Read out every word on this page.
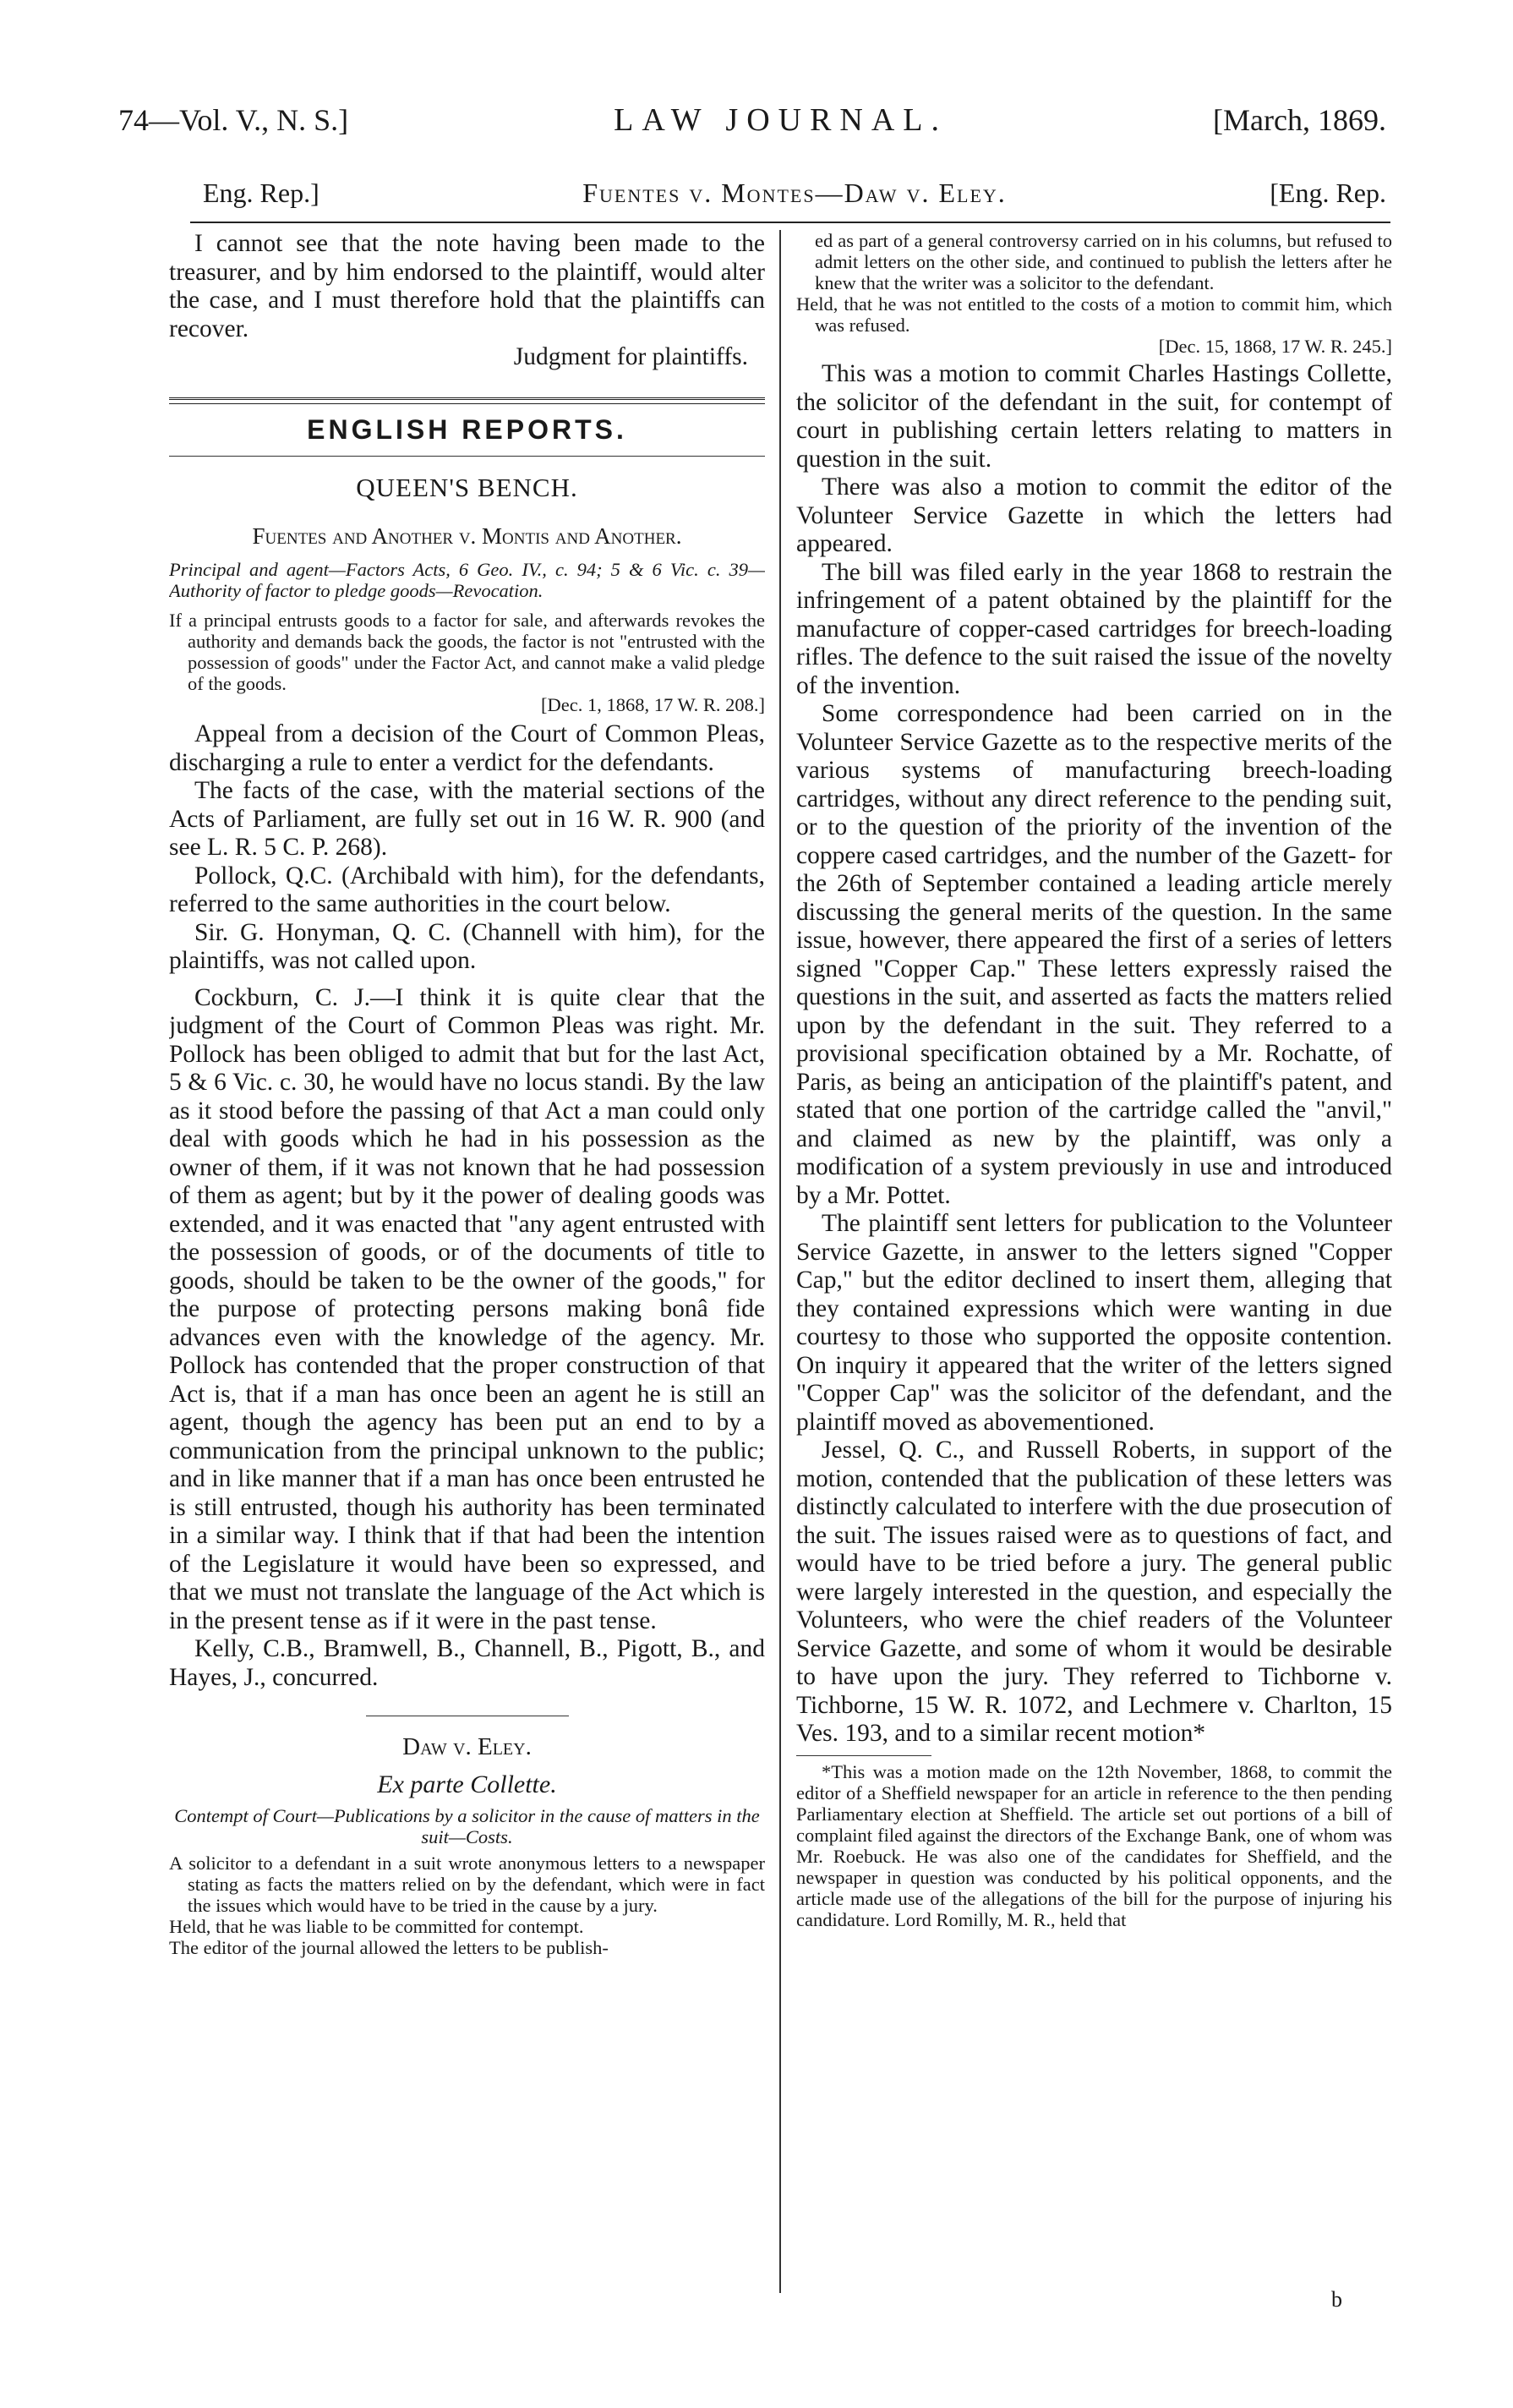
74—Vol. V., N. S.]	LAW JOURNAL.	[March, 1869.
Eng. Rep.]	Fuentes v. Montes—Daw v. Eley.	[Eng. Rep.

I cannot see that the note having been made to the treasurer, and by him endorsed to the plaintiff, would alter the case, and I must therefore hold that the plaintiffs can recover.

Judgment for plaintiffs.

ENGLISH REPORTS.
QUEEN'S BENCH.
Fuentes and Another v. Montis and Another.

Principal and agent—Factors Acts, 6 Geo. IV., c. 94; 5 & 6 Vic. c. 39—Authority of factor to pledge goods—Revocation.

If a principal entrusts goods to a factor for sale, and afterwards revokes the authority and demands back the goods, the factor is not "entrusted with the possession of goods" under the Factor Act, and cannot make a valid pledge of the goods.

[Dec. 1, 1868, 17 W. R. 208.]

Appeal from a decision of the Court of Common Pleas, discharging a rule to enter a verdict for the defendants.

The facts of the case, with the material sections of the Acts of Parliament, are fully set out in 16 W. R. 900 (and see L. R. 5 C. P. 268).

Pollock, Q.C. (Archibald with him), for the defendants, referred to the same authorities in the court below.

Sir. G. Honyman, Q. C. (Channell with him), for the plaintiffs, was not called upon.

Cockburn, C. J.—I think it is quite clear that the judgment of the Court of Common Pleas was right. Mr. Pollock has been obliged to admit that but for the last Act, 5 & 6 Vic. c. 30, he would have no locus standi. By the law as it stood before the passing of that Act a man could only deal with goods which he had in his possession as the owner of them, if it was not known that he had possession of them as agent; but by it the power of dealing goods was extended, and it was enacted that "any agent entrusted with the possession of goods, or of the documents of title to goods, should be taken to be the owner of the goods," for the purpose of protecting persons making bonâ fide advances even with the knowledge of the agency. Mr. Pollock has contended that the proper construction of that Act is, that if a man has once been an agent he is still an agent, though the agency has been put an end to by a communication from the principal unknown to the public; and in like manner that if a man has once been entrusted he is still entrusted, though his authority has been terminated in a similar way. I think that if that had been the intention of the Legislature it would have been so expressed, and that we must not translate the language of the Act which is in the present tense as if it were in the past tense.

Kelly, C.B., Bramwell, B., Channell, B., Pigott, B., and Hayes, J., concurred.

Daw v. Eley.
Ex parte Collette.

Contempt of Court—Publications by a solicitor in the cause of matters in the suit—Costs.

A solicitor to a defendant in a suit wrote anonymous letters to a newspaper stating as facts the matters relied on by the defendant, which were in fact the issues which would have to be tried in the cause by a jury.

Held, that he was liable to be committed for contempt.

The editor of the journal allowed the letters to be publish-

ed as part of a general controversy carried on in his columns, but refused to admit letters on the other side, and continued to publish the letters after he knew that the writer was a solicitor to the defendant.

Held, that he was not entitled to the costs of a motion to commit him, which was refused.

[Dec. 15, 1868, 17 W. R. 245.]

This was a motion to commit Charles Hastings Collette, the solicitor of the defendant in the suit, for contempt of court in publishing certain letters relating to matters in question in the suit.

There was also a motion to commit the editor of the Volunteer Service Gazette in which the letters had appeared.

The bill was filed early in the year 1868 to restrain the infringement of a patent obtained by the plaintiff for the manufacture of copper-cased cartridges for breech-loading rifles. The defence to the suit raised the issue of the novelty of the invention.

Some correspondence had been carried on in the Volunteer Service Gazette as to the respective merits of the various systems of manufacturing breech-loading cartridges, without any direct reference to the pending suit, or to the question of the priority of the invention of the coppere cased cartridges, and the number of the Gazett- for the 26th of September contained a leading article merely discussing the general merits of the question. In the same issue, however, there appeared the first of a series of letters signed "Copper Cap." These letters expressly raised the questions in the suit, and asserted as facts the matters relied upon by the defendant in the suit. They referred to a provisional specification obtained by a Mr. Rochatte, of Paris, as being an anticipation of the plaintiff's patent, and stated that one portion of the cartridge called the "anvil," and claimed as new by the plaintiff, was only a modification of a system previously in use and introduced by a Mr. Pottet.

The plaintiff sent letters for publication to the Volunteer Service Gazette, in answer to the letters signed "Copper Cap," but the editor declined to insert them, alleging that they contained expressions which were wanting in due courtesy to those who supported the opposite contention. On inquiry it appeared that the writer of the letters signed "Copper Cap" was the solicitor of the defendant, and the plaintiff moved as abovementioned.

Jessel, Q. C., and Russell Roberts, in support of the motion, contended that the publication of these letters was distinctly calculated to interfere with the due prosecution of the suit. The issues raised were as to questions of fact, and would have to be tried before a jury. The general public were largely interested in the question, and especially the Volunteers, who were the chief readers of the Volunteer Service Gazette, and some of whom it would be desirable to have upon the jury. They referred to Tichborne v. Tichborne, 15 W. R. 1072, and Lechmere v. Charlton, 15 Ves. 193, and to a similar recent motion*

*This was a motion made on the 12th November, 1868, to commit the editor of a Sheffield newspaper for an article in reference to the then pending Parliamentary election at Sheffield. The article set out portions of a bill of complaint filed against the directors of the Exchange Bank, one of whom was Mr. Roebuck. He was also one of the candidates for Sheffield, and the newspaper in question was conducted by his political opponents, and the article made use of the allegations of the bill for the purpose of injuring his candidature. Lord Romilly, M. R., held that

b
